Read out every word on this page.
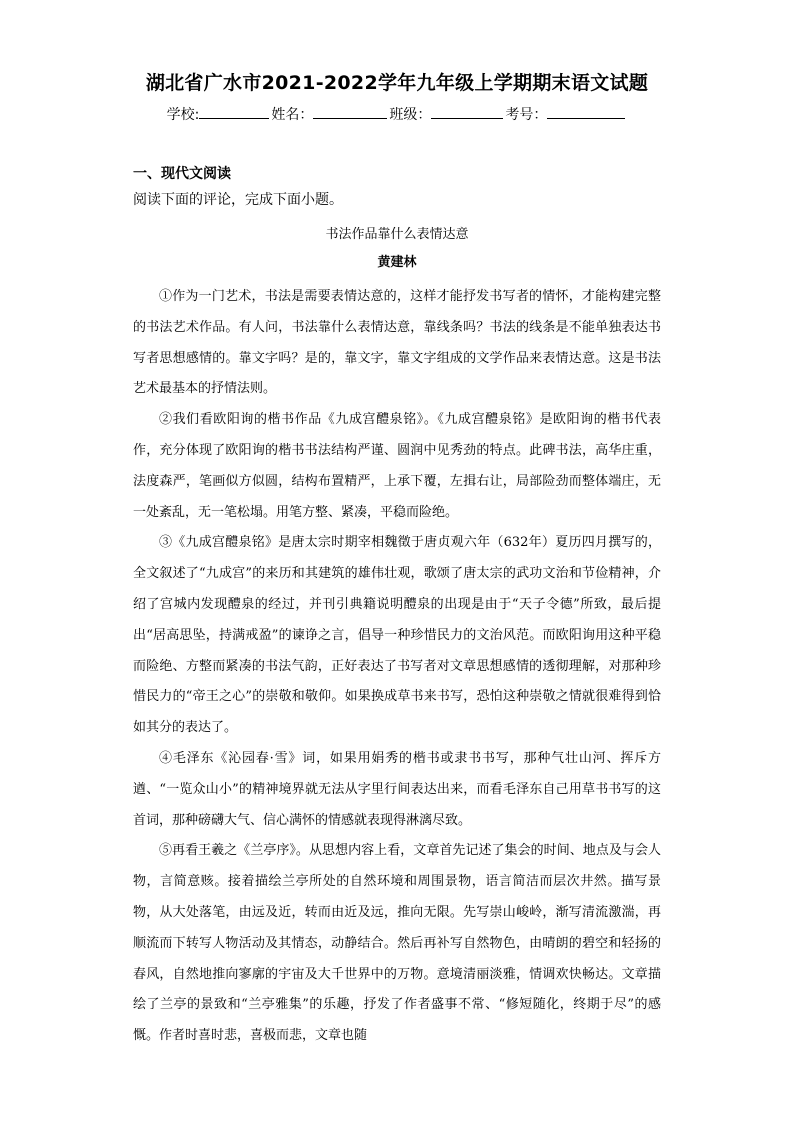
湖北省广水市2021-2022学年九年级上学期期末语文试题
学校:	姓名：	班级：	考号：
一、现代文阅读
阅读下面的评论，完成下面小题。
书法作品靠什么表情达意
黄建林

①作为一门艺术，书法是需要表情达意的，这样才能抒发书写者的情怀，才能构建完整的书法艺术作品。有人问，书法靠什么表情达意，靠线条吗？书法的线条是不能单独表达书写者思想感情的。靠文字吗？是的，靠文字，靠文字组成的文学作品来表情达意。这是书法艺术最基本的抒情法则。

②我们看欧阳询的楷书作品《九成宫醴泉铭》。《九成宫醴泉铭》是欧阳询的楷书代表作，充分体现了欧阳询的楷书书法结构严谨、圆润中见秀劲的特点。此碑书法，高华庄重，法度森严，笔画似方似圆，结构布置精严，上承下覆，左揖右让，局部险劲而整体端庄，无一处紊乱，无一笔松塌。用笔方整、紧凑，平稳而险绝。

③《九成宫醴泉铭》是唐太宗时期宰相魏徵于唐贞观六年（632年）夏历四月撰写的，全文叙述了“九成宫”的来历和其建筑的雄伟壮观，歌颂了唐太宗的武功文治和节俭精神，介绍了宫城内发现醴泉的经过，并刊引典籍说明醴泉的出现是由于“天子令德”所致，最后提出“居高思坠，持满戒盈”的谏诤之言，倡导一种珍惜民力的文治风范。而欧阳询用这种平稳而险绝、方整而紧凑的书法气韵，正好表达了书写者对文章思想感情的透彻理解，对那种珍惜民力的“帝王之心”的崇敬和敬仰。如果换成草书来书写，恐怕这种崇敬之情就很难得到恰如其分的表达了。

④毛泽东《沁园春·雪》词，如果用娟秀的楷书或隶书书写，那种气壮山河、挥斥方遒、“一览众山小”的精神境界就无法从字里行间表达出来，而看毛泽东自己用草书书写的这首词，那种磅礴大气、信心满怀的情感就表现得淋漓尽致。

⑤再看王羲之《兰亭序》。从思想内容上看，文章首先记述了集会的时间、地点及与会人物，言简意赅。接着描绘兰亭所处的自然环境和周围景物，语言简洁而层次井然。描写景物，从大处落笔，由远及近，转而由近及远，推向无限。先写崇山峻岭，渐写清流激湍，再顺流而下转写人物活动及其情态，动静结合。然后再补写自然物色，由晴朗的碧空和轻扬的春风，自然地推向寥廓的宇宙及大千世界中的万物。意境清丽淡雅，情调欢快畅达。文章描绘了兰亭的景致和“兰亭雅集”的乐趣，抒发了作者盛事不常、“修短随化，终期于尽”的感慨。作者时喜时悲，喜极而悲，文章也随
